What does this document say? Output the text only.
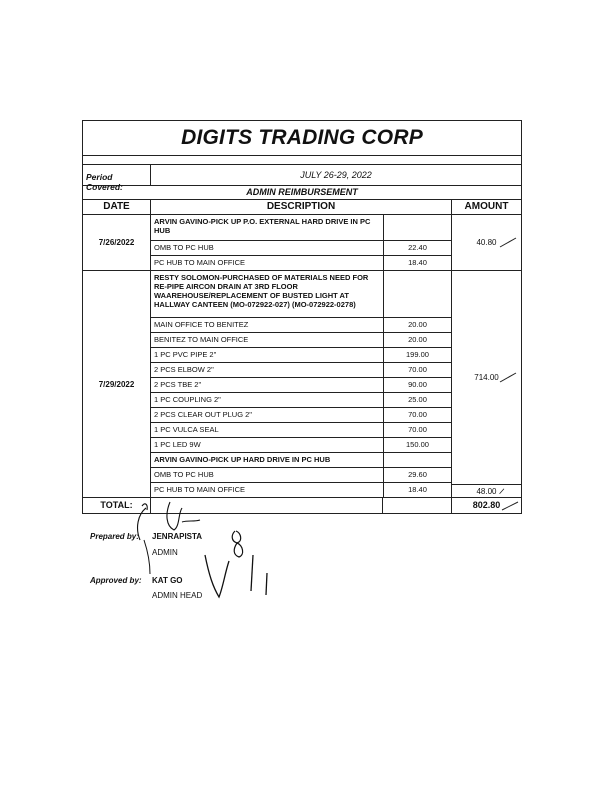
DIGITS TRADING CORP
Period Covered:
JULY 26-29, 2022
ADMIN REIMBURSEMENT
DATE	DESCRIPTION	AMOUNT
7/26/2022
ARVIN GAVINO-PICK UP P.O. EXTERNAL HARD DRIVE IN PC HUB
OMB TO PC HUB	22.40
PC HUB TO MAIN OFFICE	18.40
40.80
7/29/2022
RESTY SOLOMON-PURCHASED OF MATERIALS NEED FOR RE-PIPE AIRCON DRAIN AT 3RD FLOOR WAAREHOUSE/REPLACEMENT OF BUSTED LIGHT AT HALLWAY CANTEEN (MO-072922-027) (MO-072922-0278)
MAIN OFFICE TO BENITEZ	20.00
BENITEZ TO MAIN OFFICE	20.00
1 PC PVC PIPE 2"	199.00
2 PCS ELBOW 2"	70.00
2 PCS TBE 2"	90.00
1 PC COUPLING 2"	25.00
2 PCS CLEAR OUT PLUG 2"	70.00
1 PC VULCA SEAL	70.00
1 PC LED 9W	150.00
ARVIN GAVINO-PICK UP HARD DRIVE IN PC HUB
OMB TO PC HUB	29.60
PC HUB TO MAIN OFFICE	18.40
714.00
48.00
TOTAL:	802.80
Prepared by: JENRAPISTA
ADMIN
Approved by: KAT GO
ADMIN HEAD
